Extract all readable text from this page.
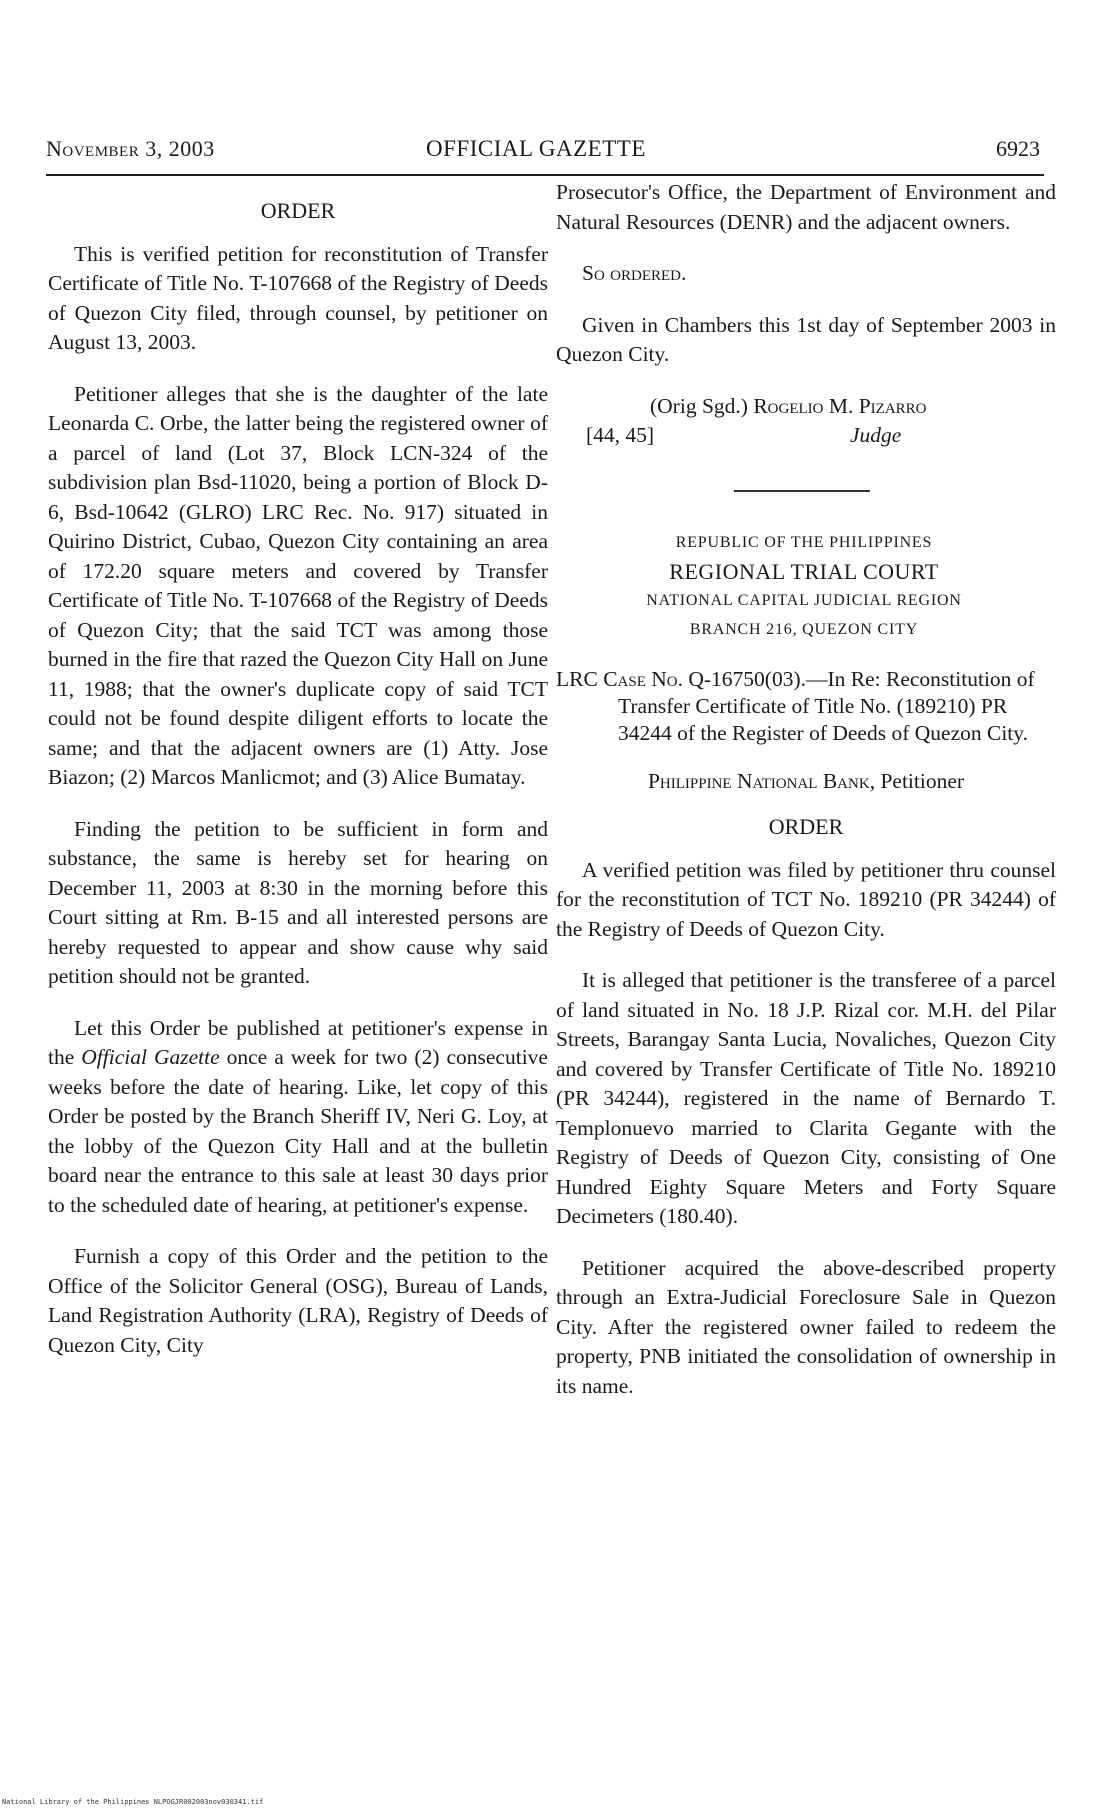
November 3, 2003	OFFICIAL GAZETTE	6923
ORDER

This is verified petition for reconstitution of Transfer Certificate of Title No. T-107668 of the Registry of Deeds of Quezon City filed, through counsel, by petitioner on August 13, 2003.

Petitioner alleges that she is the daughter of the late Leonarda C. Orbe, the latter being the registered owner of a parcel of land (Lot 37, Block LCN-324 of the subdivision plan Bsd-11020, being a portion of Block D-6, Bsd-10642 (GLRO) LRC Rec. No. 917) situated in Quirino District, Cubao, Quezon City containing an area of 172.20 square meters and covered by Transfer Certificate of Title No. T-107668 of the Registry of Deeds of Quezon City; that the said TCT was among those burned in the fire that razed the Quezon City Hall on June 11, 1988; that the owner's duplicate copy of said TCT could not be found despite diligent efforts to locate the same; and that the adjacent owners are (1) Atty. Jose Biazon; (2) Marcos Manlicmot; and (3) Alice Bumatay.

Finding the petition to be sufficient in form and substance, the same is hereby set for hearing on December 11, 2003 at 8:30 in the morning before this Court sitting at Rm. B-15 and all interested persons are hereby requested to appear and show cause why said petition should not be granted.

Let this Order be published at petitioner's expense in the Official Gazette once a week for two (2) consecutive weeks before the date of hearing. Like, let copy of this Order be posted by the Branch Sheriff IV, Neri G. Loy, at the lobby of the Quezon City Hall and at the bulletin board near the entrance to this sale at least 30 days prior to the scheduled date of hearing, at petitioner's expense.

Furnish a copy of this Order and the petition to the Office of the Solicitor General (OSG), Bureau of Lands, Land Registration Authority (LRA), Registry of Deeds of Quezon City, City

Prosecutor's Office, the Department of Environment and Natural Resources (DENR) and the adjacent owners.

So ordered.

Given in Chambers this 1st day of September 2003 in Quezon City.

(Orig Sgd.) Rogelio M. Pizarro
[44, 45]	Judge
REPUBLIC OF THE PHILIPPINES
REGIONAL TRIAL COURT
NATIONAL CAPITAL JUDICIAL REGION
BRANCH 216, QUEZON CITY
LRC Case No. Q-16750(03).—In Re: Reconstitution of Transfer Certificate of Title No. (189210) PR 34244 of the Register of Deeds of Quezon City.
Philippine National Bank, Petitioner
ORDER

A verified petition was filed by petitioner thru counsel for the reconstitution of TCT No. 189210 (PR 34244) of the Registry of Deeds of Quezon City.

It is alleged that petitioner is the transferee of a parcel of land situated in No. 18 J.P. Rizal cor. M.H. del Pilar Streets, Barangay Santa Lucia, Novaliches, Quezon City and covered by Transfer Certificate of Title No. 189210 (PR 34244), registered in the name of Bernardo T. Templonuevo married to Clarita Gegante with the Registry of Deeds of Quezon City, consisting of One Hundred Eighty Square Meters and Forty Square Decimeters (180.40).

Petitioner acquired the above-described property through an Extra-Judicial Foreclosure Sale in Quezon City. After the registered owner failed to redeem the property, PNB initiated the consolidation of ownership in its name.

National Library of the Philippines NLPOGJR002003nov030341.tif
